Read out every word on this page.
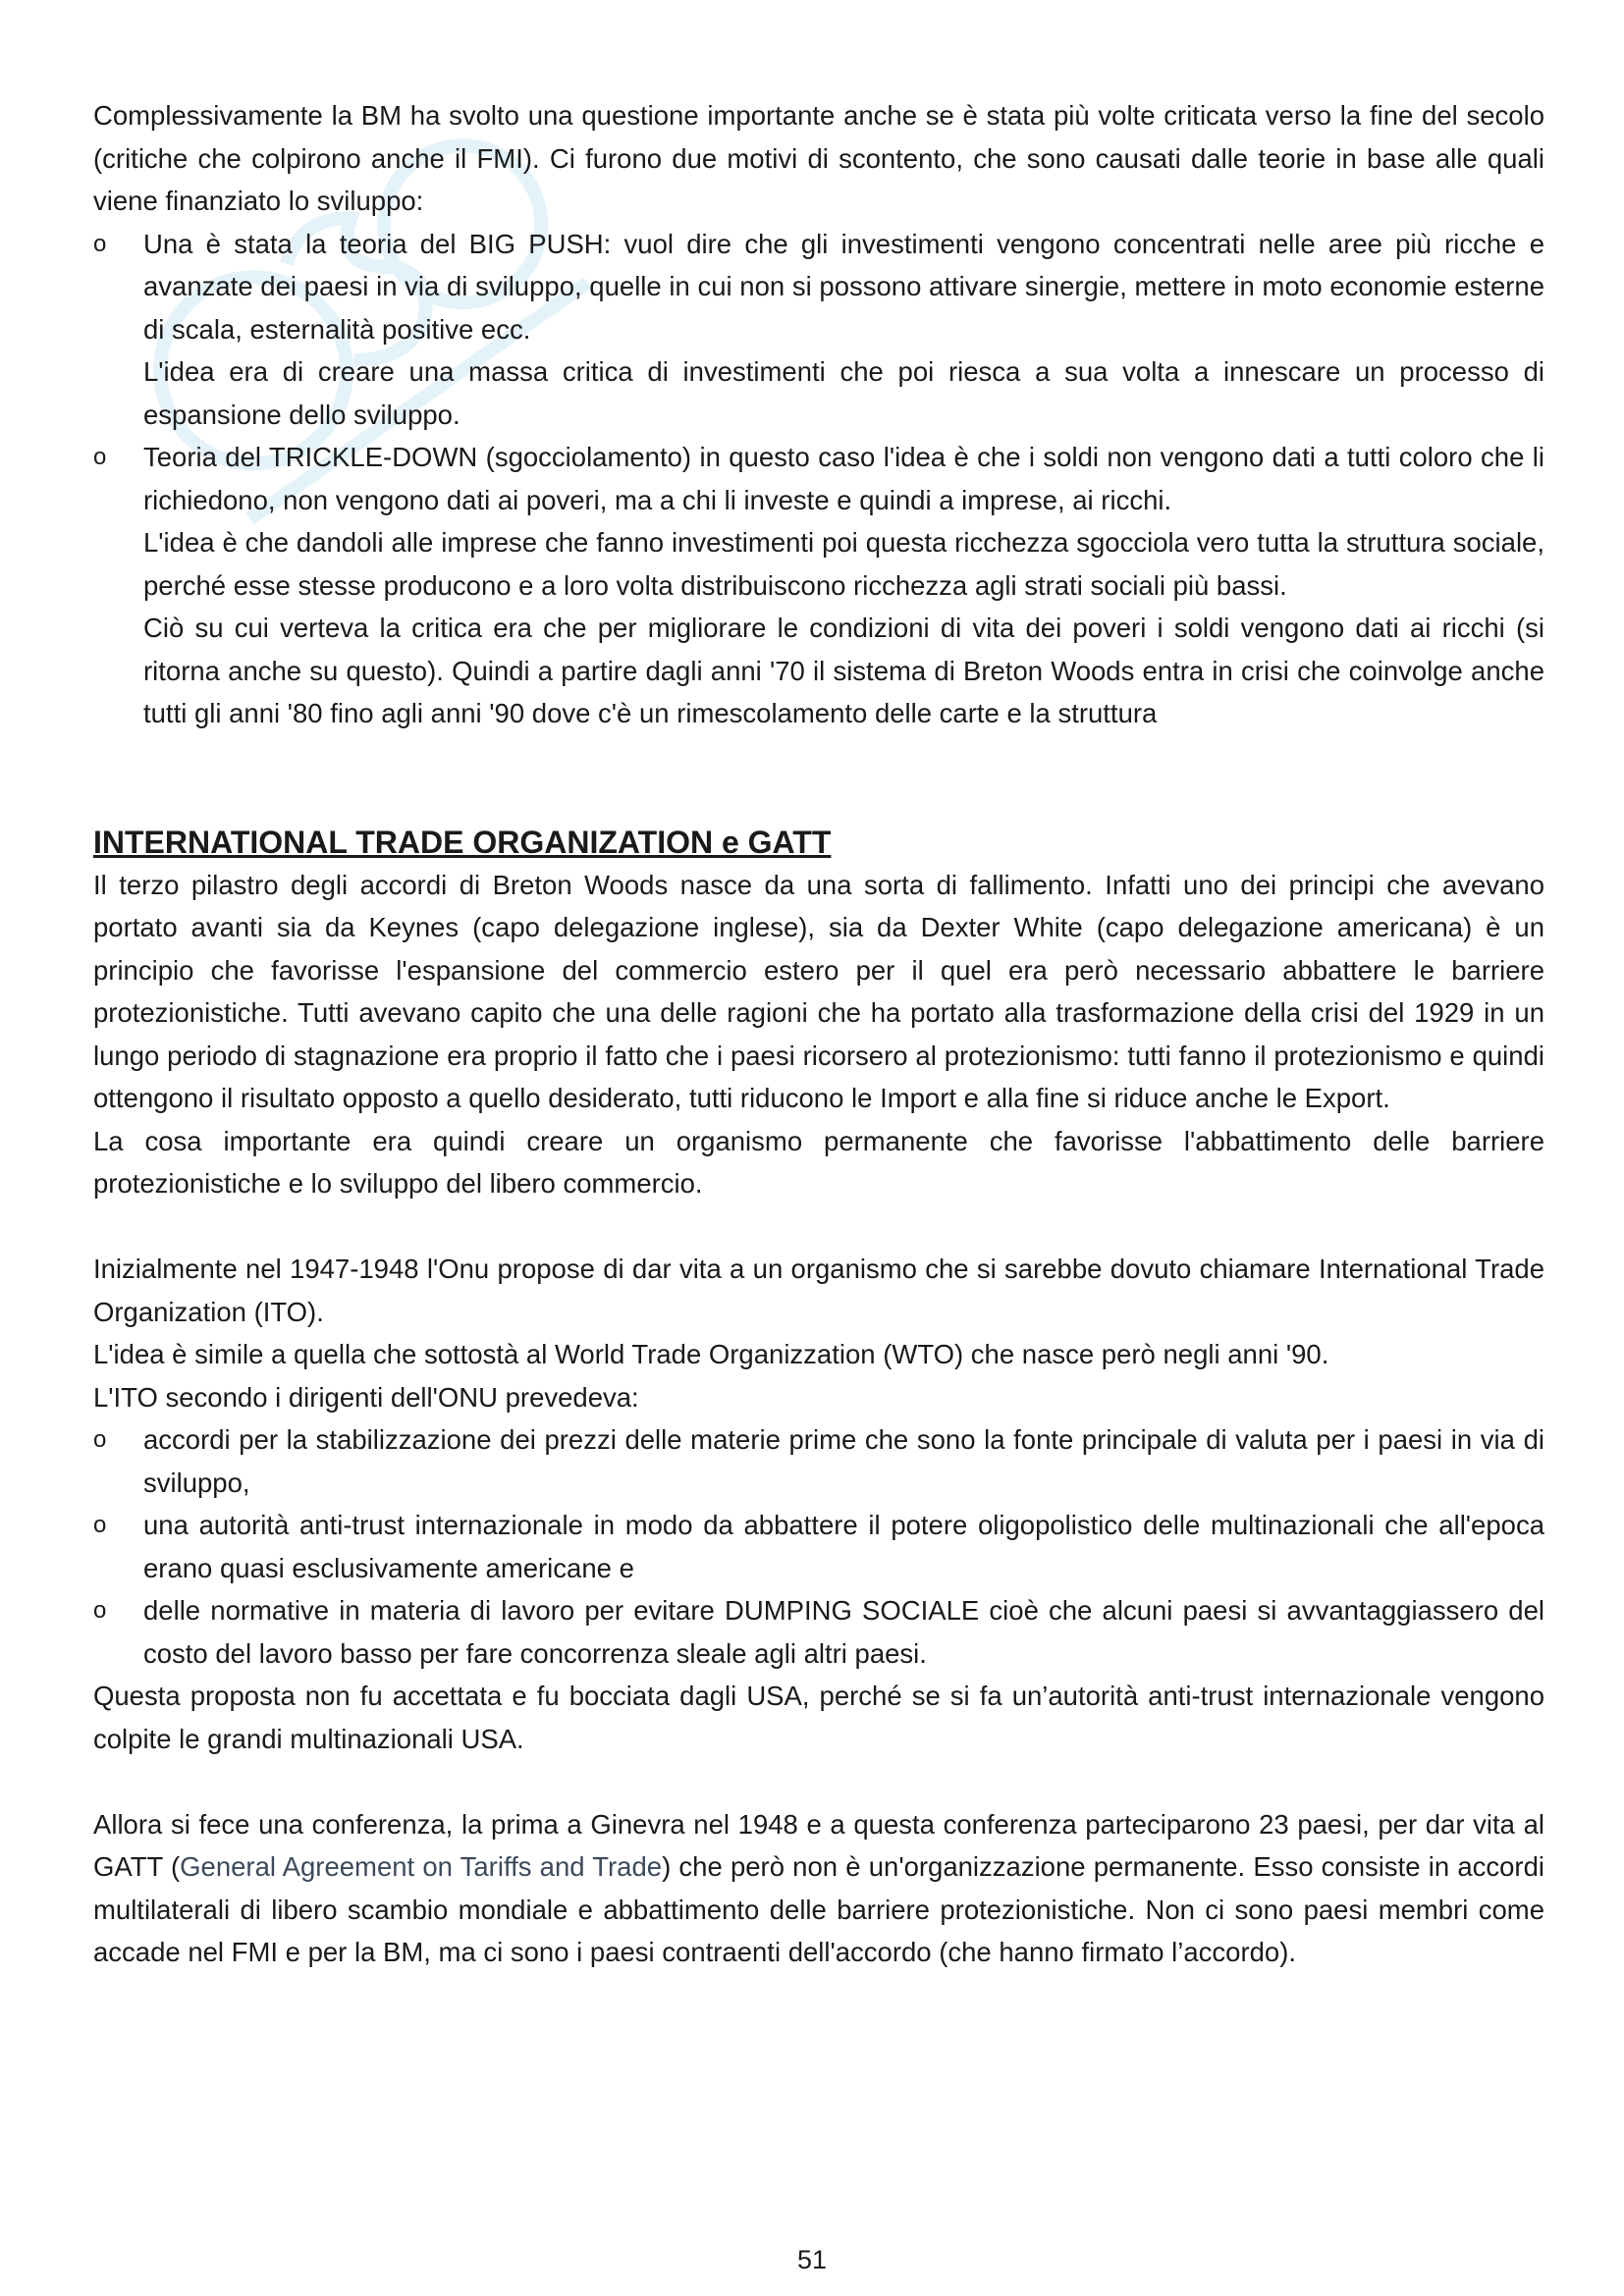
Complessivamente la BM ha svolto una questione importante anche se è stata più volte criticata verso la fine del secolo (critiche che colpirono anche il FMI). Ci furono due motivi di scontento, che sono causati dalle teorie in base alle quali viene finanziato lo sviluppo:

o Una è stata la teoria del BIG PUSH: vuol dire che gli investimenti vengono concentrati nelle aree più ricche e avanzate dei paesi in via di sviluppo, quelle in cui non si possono attivare sinergie, mettere in moto economie esterne di scala, esternalità positive ecc.

L'idea era di creare una massa critica di investimenti che poi riesca a sua volta a innescare un processo di espansione dello sviluppo.

o Teoria del TRICKLE-DOWN (sgocciolamento) in questo caso l'idea è che i soldi non vengono dati a tutti coloro che li richiedono, non vengono dati ai poveri, ma a chi li investe e quindi a imprese, ai ricchi.

L'idea è che dandoli alle imprese che fanno investimenti poi questa ricchezza sgocciola vero tutta la struttura sociale, perché esse stesse producono e a loro volta distribuiscono ricchezza agli strati sociali più bassi.

Ciò su cui verteva la critica era che per migliorare le condizioni di vita dei poveri i soldi vengono dati ai ricchi (si ritorna anche su questo). Quindi a partire dagli anni '70 il sistema di Breton Woods entra in crisi che coinvolge anche tutti gli anni '80 fino agli anni '90 dove c'è un rimescolamento delle carte e la struttura

INTERNATIONAL TRADE ORGANIZATION e GATT

Il terzo pilastro degli accordi di Breton Woods nasce da una sorta di fallimento. Infatti uno dei principi che avevano portato avanti sia da Keynes (capo delegazione inglese), sia da Dexter White (capo delegazione americana) è un principio che favorisse l'espansione del commercio estero per il quel era però necessario abbattere le barriere protezionistiche. Tutti avevano capito che una delle ragioni che ha portato alla trasformazione della crisi del 1929 in un lungo periodo di stagnazione era proprio il fatto che i paesi ricorsero al protezionismo: tutti fanno il protezionismo e quindi ottengono il risultato opposto a quello desiderato, tutti riducono le Import e alla fine si riduce anche le Export.

La cosa importante era quindi creare un organismo permanente che favorisse l'abbattimento delle barriere protezionistiche e lo sviluppo del libero commercio.

Inizialmente nel 1947-1948 l'Onu propose di dar vita a un organismo che si sarebbe dovuto chiamare International Trade Organization (ITO).

L'idea è simile a quella che sottostà al World Trade Organizzation (WTO) che nasce però negli anni '90.

L'ITO secondo i dirigenti dell'ONU prevedeva:

o accordi per la stabilizzazione dei prezzi delle materie prime che sono la fonte principale di valuta per i paesi in via di sviluppo,
o una autorità anti-trust internazionale in modo da abbattere il potere oligopolistico delle multinazionali che all'epoca erano quasi esclusivamente americane e
o delle normative in materia di lavoro per evitare DUMPING SOCIALE cioè che alcuni paesi si avvantaggiassero del costo del lavoro basso per fare concorrenza sleale agli altri paesi.

Questa proposta non fu accettata e fu bocciata dagli USA, perché se si fa un’autorità anti-trust internazionale vengono colpite le grandi multinazionali USA.

Allora si fece una conferenza, la prima a Ginevra nel 1948 e a questa conferenza parteciparono 23 paesi, per dar vita al GATT (General Agreement on Tariffs and Trade) che però non è un'organizzazione permanente. Esso consiste in accordi multilaterali di libero scambio mondiale e abbattimento delle barriere protezionistiche. Non ci sono paesi membri come accade nel FMI e per la BM, ma ci sono i paesi contraenti dell'accordo (che hanno firmato l’accordo).

51
